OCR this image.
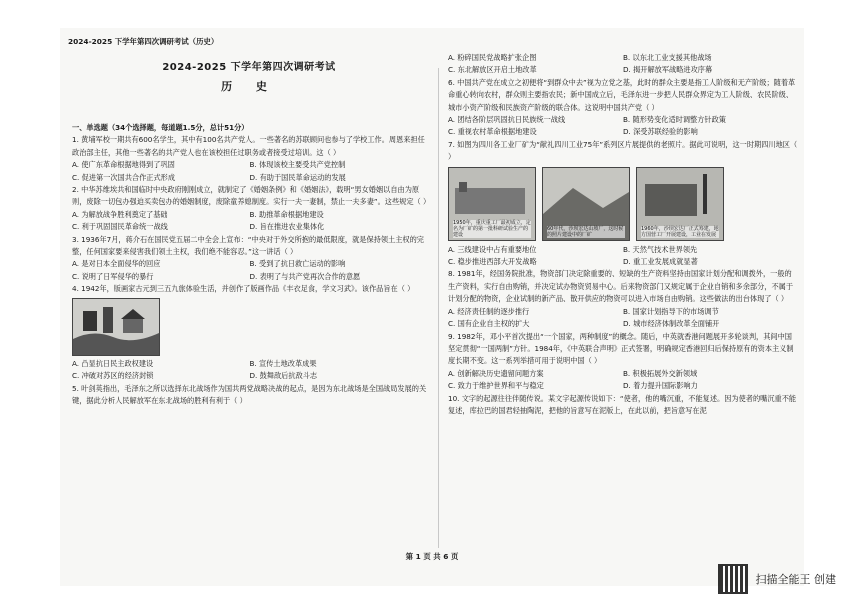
2024-2025 下学年第四次调研考试（历史）
2024-2025 下学年第四次调研考试
历 史

一、单选题（34个选择题，每道题1.5分，总计51分）

1. 黄埔军校一期共有600名学生，其中有100名共产党人。一些著名的苏联顾问也参与了学校工作。周恩来担任政治部主任，其他一些著名的共产党人也在该校担任过职务或者接受过培训。这（ ）

A. 使广东革命根据地得到了巩固	B. 体现该校主要受共产党控制
C. 促进第一次国共合作正式形成	D. 有助于国民革命运动的发展

2. 中华苏维埃共和国临时中央政府刚刚成立，就制定了《婚姻条例》和《婚姻法》，载明“男女婚姻以自由为原则，废除一切包办强迫买卖包办的婚姻制度，废除童养媳制度。实行一夫一妻制，禁止一夫多妻”。这些规定（ ）

A. 为解放战争胜利奠定了基础	B. 助推革命根据地建设
C. 利于巩固国民革命统一战线	D. 旨在推进农业集体化

3. 1936年7月，蒋介石在国民党五届二中全会上宣布：“中央对于外交所抱的最低限度，就是保持领土主权的完整，任何国家要来侵害我们领土主权，我们绝不能容忍。”这一讲话（ ）

A. 是对日本全面侵华的回应	B. 受到了抗日救亡运动的影响
C. 说明了日军侵华的暴行	D. 表明了与共产党再次合作的意愿

4. 1942年，版画家古元到三五九旅体验生活，并创作了版画作品《丰衣足食，学文习武》。该作品旨在（ ）

A. 凸显抗日民主政权建设	B. 宣传土地改革成果
C. 冲破对苏区的经济封锁	D. 鼓舞敌后抗敌斗志

5. 叶剑英指出，毛泽东之所以选择东北战场作为国共两党战略决战的起点，是因为东北战场是全国战局发展的关键，据此分析人民解放军在东北战场的胜利有利于（ ）

A. 粉碎国民党战略扩张企图	B. 以东北工业支援其他战场
C. 东北解放区开启土地改革	D. 揭开解放军战略进攻序幕

6. 中国共产党在成立之初便将“到群众中去”视为立党之基，此时的群众主要是指工人阶级和无产阶级；随着革命重心转向农村，群众则主要指农民；新中国成立后，毛泽东进一步把人民群众界定为工人阶级、农民阶级、城市小资产阶级和民族资产阶级的联合体。这说明中国共产党（ ）

A. 团结各阶层巩固抗日民族统一战线	B. 随形势变化适时调整方针政策
C. 重视农村革命根据地建设	D. 深受苏联经验的影响

7. 如图为四川各工业厂矿为“献礼四川工业75年”系列区片展提供的老照片。据此可说明，这一时期四川地区（ ）

1950年，重庆重工厂最初成立，定名为厂矿的第一批科研试验生产的建设
60年代，沙坝宏达山坡厂，这时候的照片建设中的厂矿
1960年，沙坝宏达厂正式筹建，地方国营工厂开展建设，工业在发展
A. 三线建设中占有重要地位	B. 天然气技术世界领先
C. 稳步推进西部大开发战略	D. 重工业发展成就显著

8. 1981年，经国务院批准，物资部门决定除重要的、短缺的生产资料坚持由国家计划分配和调拨外，一般的生产资料，实行自由购销，并决定试办物资贸易中心。后来物资部门又规定属于企业自销和多余部分，不属于计划分配的物资，企业试制的新产品、散开供应的物资可以进入市场自由购销。这些做法的出台体现了（ ）

A. 经济责任制的逐步推行	B. 国家计划指导下的市场调节
C. 国有企业自主权的扩大	D. 城市经济体制改革全面铺开

9. 1982年，邓小平首次提出“一个国家，两种制度”的概念。随后，中英就香港问题展开多轮谈判，其间中国坚定贯彻“一国两制”方针。1984年，《中英联合声明》正式签署，明确规定香港回归后保持原有的资本主义制度长期不变。这一系列举措可用于说明中国（ ）

A. 创新解决历史遗留问题方案	B. 积极拓展外交新领域
C. 致力于维护世界和平与稳定	D. 着力提升国际影响力

10. 文字的起源往往伴随传说。某文字起源传说如下：“使者，他的嘴沉重，不能复述。因为使者的嘴沉重不能复述，库拉巴的国君轻抽陶泥，把他的旨意写在泥版上，在此以前，把旨意写在泥

第 1 页 共 6 页
扫描全能王 创建
